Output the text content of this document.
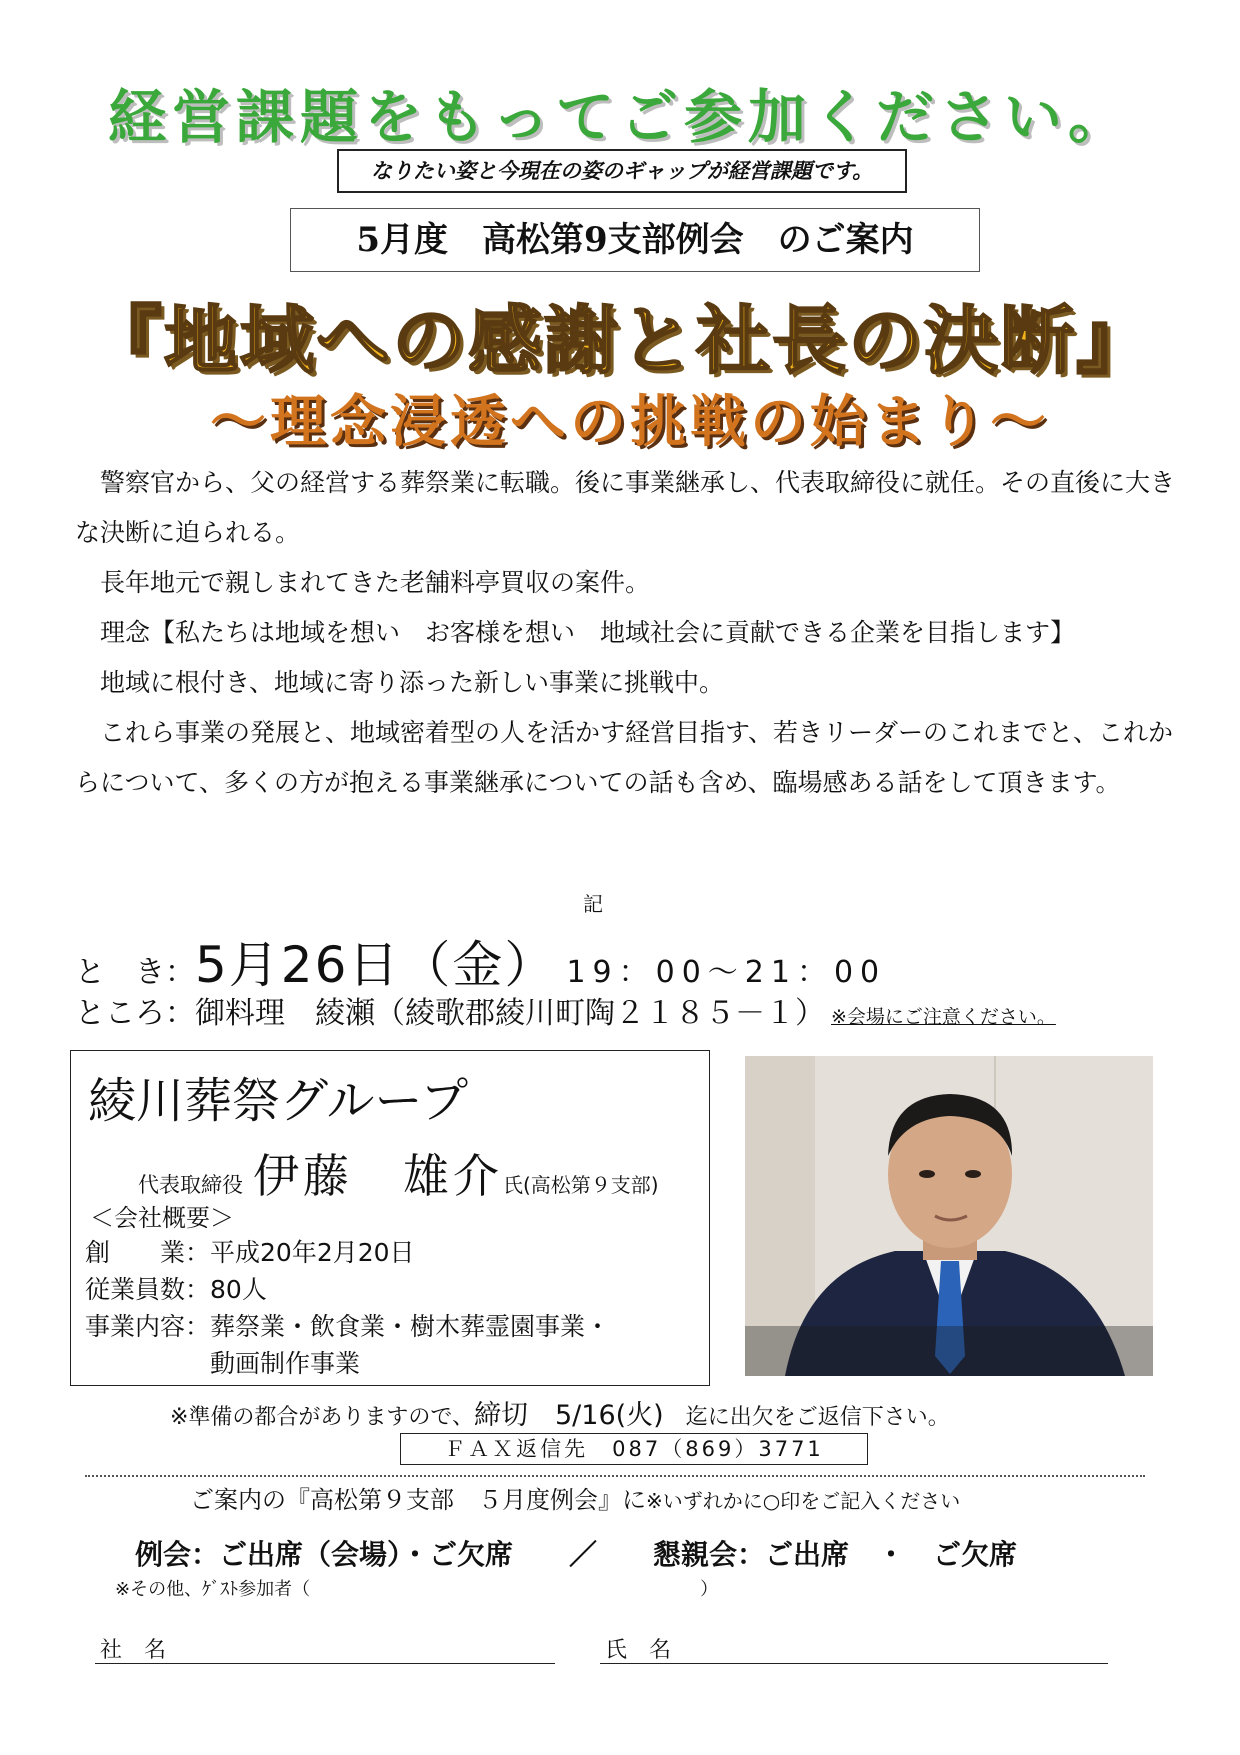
経営課題をもってご参加ください。
なりたい姿と今現在の姿のギャップが経営課題です。
5月度　高松第9支部例会　のご案内
『地域への感謝と社長の決断』
～理念浸透への挑戦の始まり～

警察官から、父の経営する葬祭業に転職。後に事業継承し、代表取締役に就任。その直後に大きな決断に迫られる。

長年地元で親しまれてきた老舗料亭買収の案件。

理念【私たちは地域を想い　お客様を想い　地域社会に貢献できる企業を目指します】

地域に根付き、地域に寄り添った新しい事業に挑戦中。

これら事業の発展と、地域密着型の人を活かす経営目指す、若きリーダーのこれまでと、これからについて、多くの方が抱える事業継承についての話も含め、臨場感ある話をして頂きます。

記
と　き：5月26日（金） 19：00～21：00
ところ：御料理　綾瀬（綾歌郡綾川町陶２１８５－１） ※会場にご注意ください。
綾川葬祭グループ
代表取締役 伊藤　雄介氏(高松第９支部)
＜会社概要＞
創　　業：平成20年2月20日
従業員数：80人
事業内容：葬祭業・飲食業・樹木葬霊園事業・
動画制作事業
※準備の都合がありますので、締切　5/16(火)　 迄に出欠をご返信下さい。
ＦＡＸ返信先　087（869）3771
ご案内の『高松第９支部　５月度例会』に※いずれかに○印をご記入ください
例会：ご出席（会場）・ご欠席　　／　　懇親会：ご出席　・　ご欠席
※その他、ｹﾞｽﾄ参加者（	）
社　名	氏　名
